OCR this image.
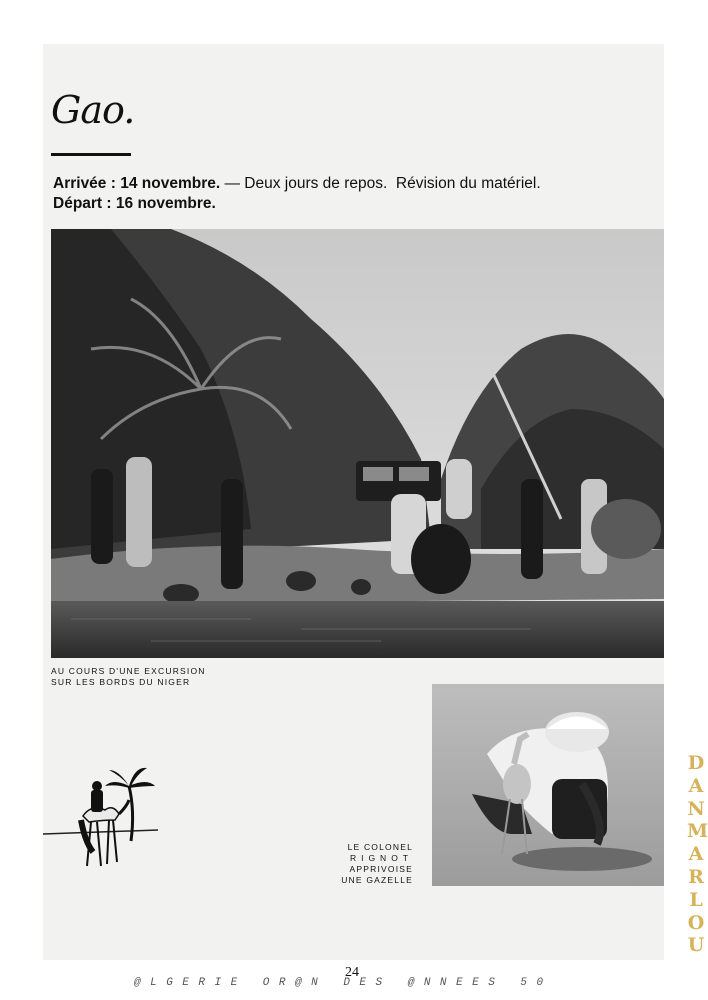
Gao.
Arrivée : 14 novembre. — Deux jours de repos.  Révision du matériel.
Départ : 16 novembre.
AU COURS D'UNE EXCURSION
SUR LES BORDS DU NIGER
LE COLONEL
RIGNOT
APPRIVOISE
UNE GAZELLE
24
@LGERIE OR@N DES @NNEES 50
D
A
N
M
A
R
L
O
U
